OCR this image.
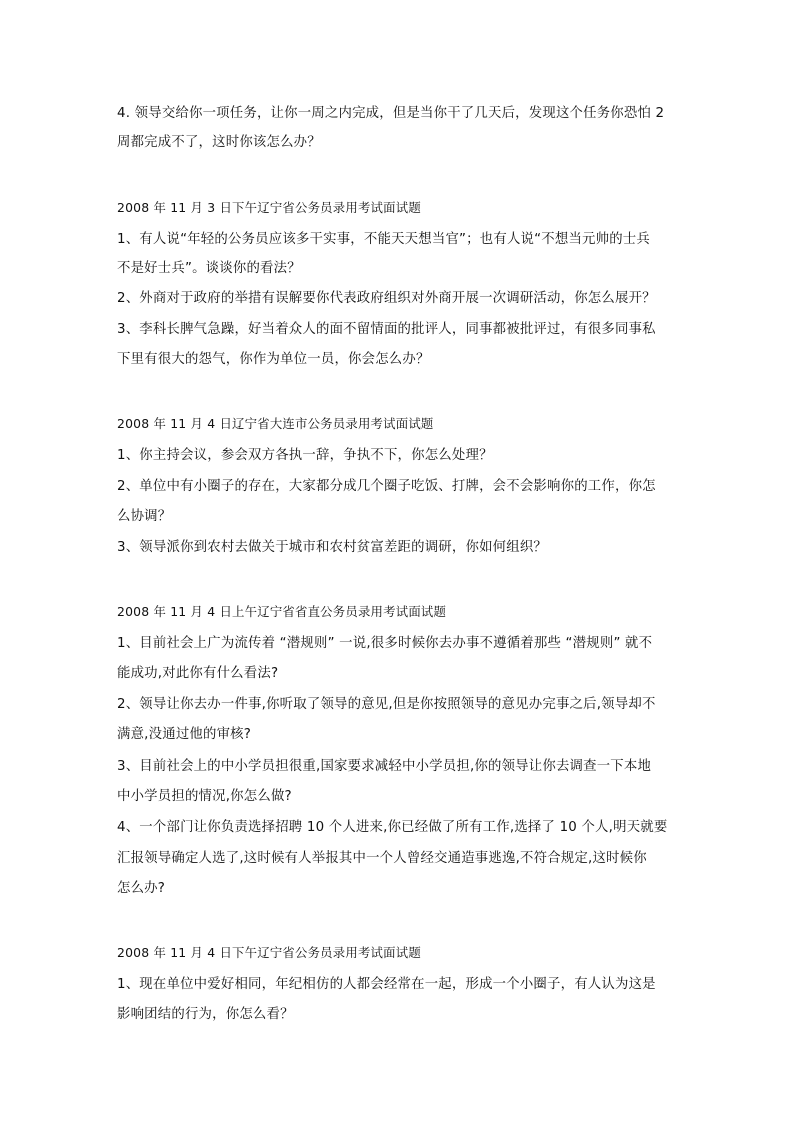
4. 领导交给你一项任务，让你一周之内完成，但是当你干了几天后，发现这个任务你恐怕 2
周都完成不了，这时你该怎么办？
2008 年 11 月 3 日下午辽宁省公务员录用考试面试题
1、有人说“年轻的公务员应该多干实事，不能天天想当官”；也有人说“不想当元帅的士兵
不是好士兵”。谈谈你的看法？
2、外商对于政府的举措有误解要你代表政府组织对外商开展一次调研活动，你怎么展开？
3、李科长脾气急躁，好当着众人的面不留情面的批评人，同事都被批评过，有很多同事私
下里有很大的怨气，你作为单位一员，你会怎么办？
2008 年 11 月 4 日辽宁省大连市公务员录用考试面试题
1、你主持会议，参会双方各执一辞，争执不下，你怎么处理？
2、单位中有小圈子的存在，大家都分成几个圈子吃饭、打牌，会不会影响你的工作，你怎
么协调？
3、领导派你到农村去做关于城市和农村贫富差距的调研，你如何组织？
2008 年 11 月 4 日上午辽宁省省直公务员录用考试面试题
1、目前社会上广为流传着 “潜规则” 一说,很多时候你去办事不遵循着那些 “潜规则” 就不
能成功,对此你有什么看法?
2、领导让你去办一件事,你听取了领导的意见,但是你按照领导的意见办完事之后,领导却不
满意,没通过他的审核?
3、目前社会上的中小学员担很重,国家要求减轻中小学员担,你的领导让你去调查一下本地
中小学员担的情况,你怎么做?
4、一个部门让你负责选择招聘 10 个人进来,你已经做了所有工作,选择了 10 个人,明天就要
汇报领导确定人选了,这时候有人举报其中一个人曾经交通造事逃逸,不符合规定,这时候你
怎么办?
2008 年 11 月 4 日下午辽宁省公务员录用考试面试题
1、现在单位中爱好相同，年纪相仿的人都会经常在一起，形成一个小圈子，有人认为这是
影响团结的行为，你怎么看？
